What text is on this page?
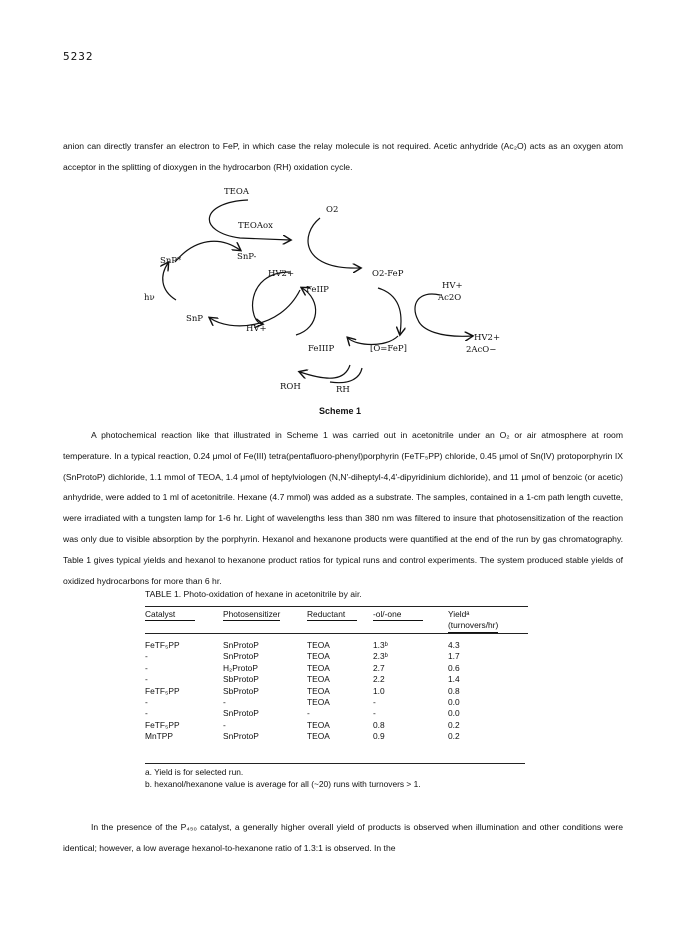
5232

anion can directly transfer an electron to FeP, in which case the relay molecule is not required. Acetic anhydride (Ac₂O) acts as an oxygen atom acceptor in the splitting of dioxygen in the hydrocarbon (RH) oxidation cycle.

TEOA
TEOAox
O2
SnP*	SnP-
HV2+
FeIIP
hν
O2-FeP
HV+
Ac2O
SnP
HV+
FeIIIP	[O=FeP]
HV2+
2AcO−
ROH	RH
Scheme 1

A photochemical reaction like that illustrated in Scheme 1 was carried out in acetonitrile under an O₂ or air atmosphere at room temperature. In a typical reaction, 0.24 μmol of Fe(III) tetra(pentafluoro-phenyl)porphyrin (FeTF₅PP) chloride, 0.45 μmol of Sn(IV) protoporphyrin IX (SnProtoP) dichloride, 1.1 mmol of TEOA, 1.4 μmol of heptylviologen (N,N'-diheptyl-4,4'-dipyridinium dichloride), and 11 μmol of benzoic (or acetic) anhydride, were added to 1 ml of acetonitrile. Hexane (4.7 mmol) was added as a substrate. The samples, contained in a 1-cm path length cuvette, were irradiated with a tungsten lamp for 1-6 hr. Light of wavelengths less than 380 nm was filtered to insure that photosensitization of the reaction was only due to visible absorption by the porphyrin. Hexanol and hexanone products were quantified at the end of the run by gas chromatography. Table 1 gives typical yields and hexanol to hexanone product ratios for typical runs and control experiments. The system produced stable yields of oxidized hydrocarbons for more than 6 hr.

TABLE 1. Photo-oxidation of hexane in acetonitrile by air.
Catalyst	Photosensitizer	Reductant	-ol/-one	Yieldᵃ
(turnovers/hr)
FeTF₅PP	SnProtoP	TEOA	1.3ᵇ	4.3
-	SnProtoP	TEOA	2.3ᵇ	1.7
-	H₂ProtoP	TEOA	2.7	0.6
-	SbProtoP	TEOA	2.2	1.4
FeTF₅PP	SbProtoP	TEOA	1.0	0.8
-	-	TEOA	-	0.0
-	SnProtoP	-	-	0.0
FeTF₅PP	-	TEOA	0.8	0.2
MnTPP	SnProtoP	TEOA	0.9	0.2
a. Yield is for selected run.
b. hexanol/hexanone value is average for all (~20) runs with turnovers > 1.

In the presence of the P₄₅₀ catalyst, a generally higher overall yield of products is observed when illumination and other conditions were identical; however, a low average hexanol-to-hexanone ratio of 1.3:1 is observed. In the
